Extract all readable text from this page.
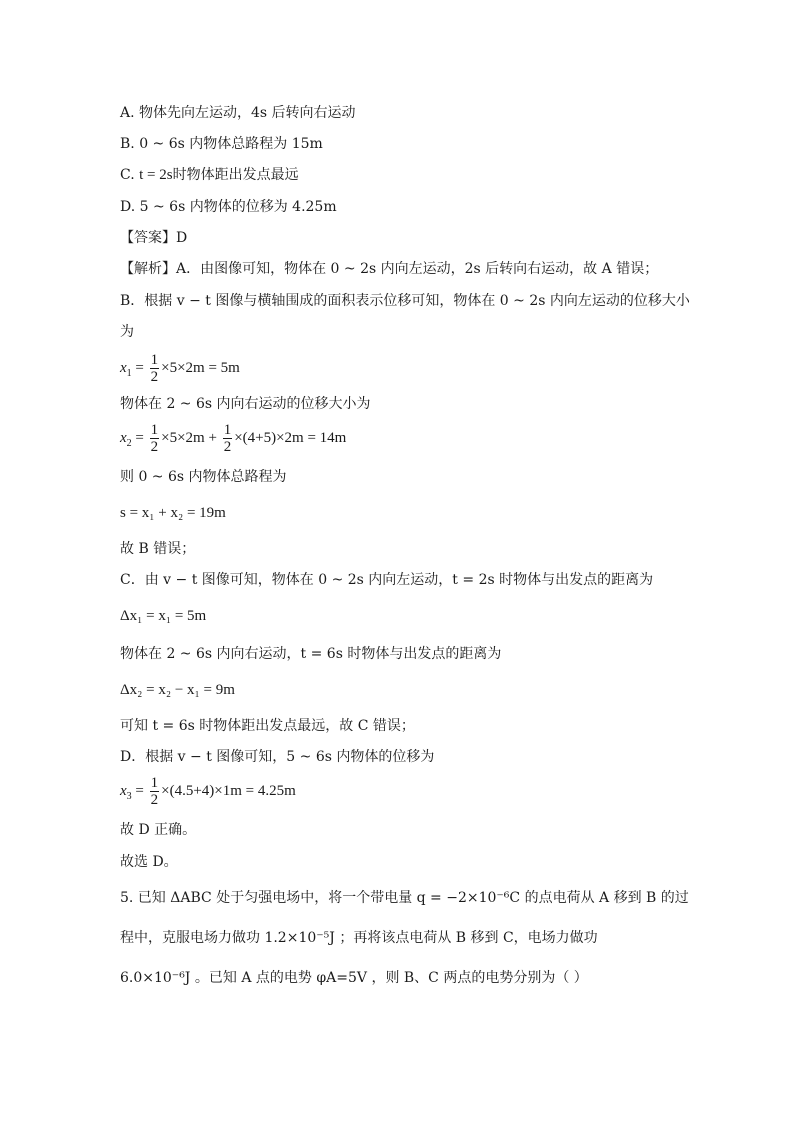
A. 物体先向左运动，4s 后转向右运动
B. 0 ~ 6s 内物体总路程为 15m
C. t = 2s时物体距出发点最远
D. 5 ~ 6s 内物体的位移为 4.25m
【答案】D
【解析】A．由图像可知，物体在 0 ~ 2s 内向左运动，2s 后转向右运动，故 A 错误；
B．根据 v − t 图像与横轴围成的面积表示位移可知，物体在 0 ~ 2s 内向左运动的位移大小
为
$x_1 = \frac{1}{2} \times 5\times 2m = 5m$
物体在 2 ~ 6s 内向右运动的位移大小为
$x_2 = \frac{1}{2} \times 5\times 2m + \frac{1}{2} \times(4+5)\times 2m = 14m$
则 0 ~ 6s 内物体总路程为
s = x₁ + x₂ = 19m
故 B 错误；
C．由 v − t 图像可知，物体在 0 ~ 2s 内向左运动，t = 2s 时物体与出发点的距离为
Δx₁ = x₁ = 5m
物体在 2 ~ 6s 内向右运动，t = 6s 时物体与出发点的距离为
Δx₂ = x₂ − x₁ = 9m
可知 t = 6s 时物体距出发点最远，故 C 错误；
D．根据 v − t 图像可知，5 ~ 6s 内物体的位移为
$x_3 = \frac{1}{2} \times(4.5+4)\times 1m = 4.25m$
故 D 正确。
故选 D。
5. 已知 ΔABC 处于匀强电场中，将一个带电量 q = −2×10⁻⁶C 的点电荷从 A 移到 B 的过
程中，克服电场力做功 1.2×10⁻⁵J ；再将该点电荷从 B 移到 C，电场力做功
6.0×10⁻⁶J 。已知 A 点的电势 φA=5V ，则 B、C 两点的电势分别为（ ）
